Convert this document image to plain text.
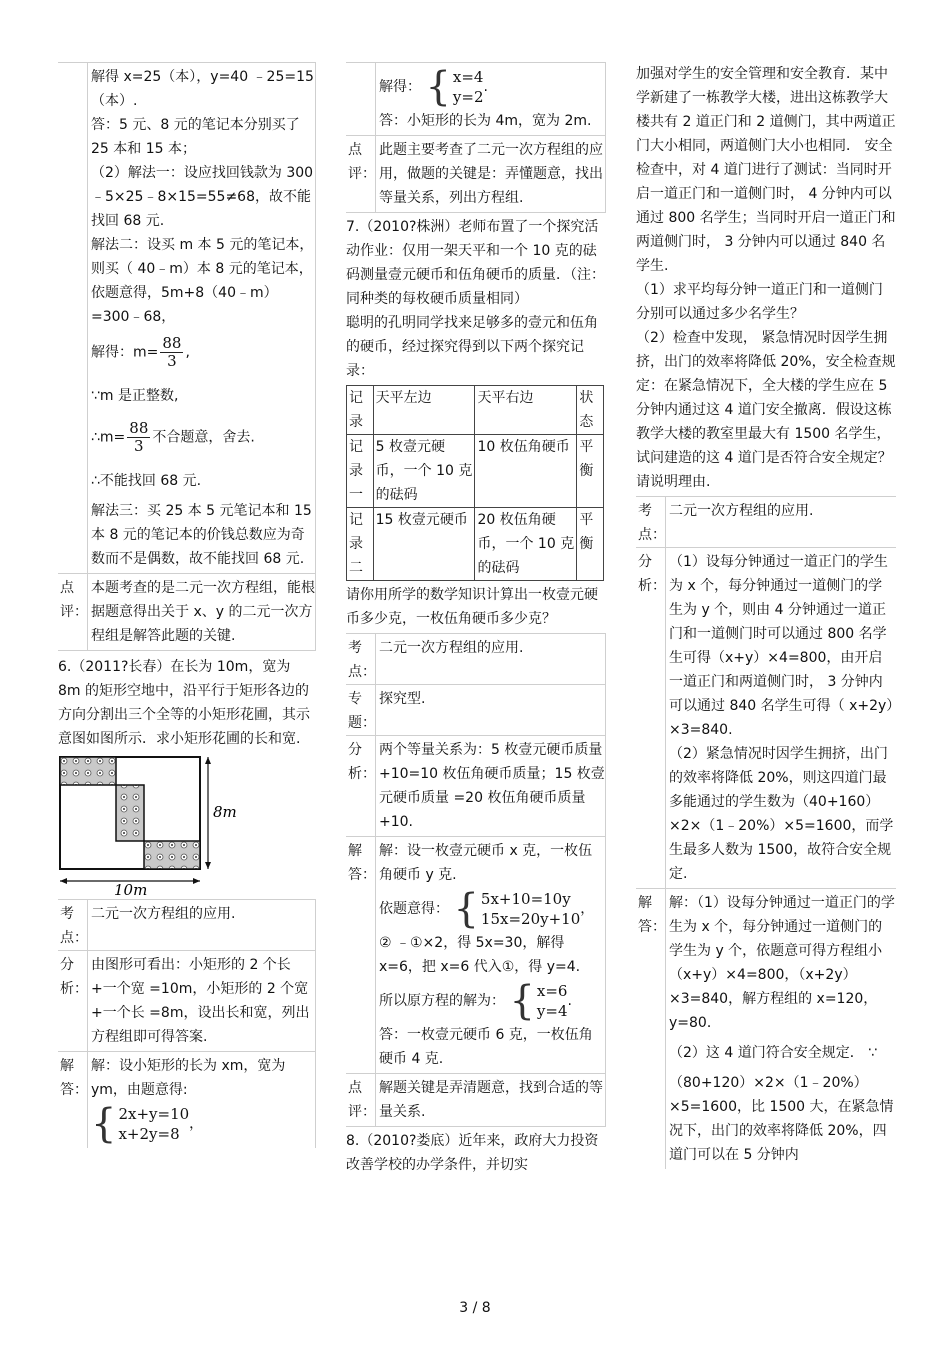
解得 x=25（本），y=40 ﹣25=15（本）.

答：5 元、8 元的笔记本分别买了 25 本和 15 本；

（2）解法一：设应找回钱款为 300﹣5×25﹣8×15=55≠68，故不能找回 68 元.

解法二：设买 m 本 5 元的笔记本，则买（ 40﹣m）本 8 元的笔记本，

依题意得，5m+8（40﹣m）=300﹣68，

解得：$m= \frac{88}{3}$ ,

∵m 是正整数,

∴m= $\frac{88}{3}$ 不合题意，舍去.

∴不能找回 68 元.

解法三：买 25 本 5 元笔记本和 15 本 8 元的笔记本的价钱总数应为奇数而不是偶数，故不能找回 68 元.

点
评：
本题考查的是二元一次方程组，能根据题意得出关于 x、y 的二元一次方程组是解答此题的关键.

6.（2011?长春）在长为 10m，宽为 8m 的矩形空地中，沿平行于矩形各边的方向分割出三个全等的小矩形花圃，其示意图如图所示．求小矩形花圃的长和宽.

8m
10m
考
点：
二元一次方程组的应用.
分
析：
由图形可看出：小矩形的 2 个长+一个宽 =10m，小矩形的 2 个宽+一个长 =8m，设出长和宽，列出方程组即可得答案.
解
答：

解：设小矩形的长为 xm，宽为 ym，由题意得:

{ 2x+y=10
x+2y=8
，

解得： { x=4
y=2
.

答：小矩形的长为 4m，宽为 2m.

点
评：
此题主要考查了二元一次方程组的应用，做题的关键是：弄懂题意，找出等量关系，列出方程组.

7.（2010?株洲）老师布置了一个探究活动作业：仅用一架天平和一个 10 克的砝码测量壹元硬币和伍角硬币的质量．（注：同种类的每枚硬币质量相同）

聪明的孔明同学找来足够多的壹元和伍角的硬币，经过探究得到以下两个探究记录：

记录	天平左边	天平右边	状态
记录一	5 枚壹元硬币，一个 10 克的砝码	10 枚伍角硬币	平衡
记录二	15 枚壹元硬币	20 枚伍角硬币，一个 10 克的砝码	平衡

请你用所学的数学知识计算出一枚壹元硬币多少克，一枚伍角硬币多少克？

考
点：
二元一次方程组的应用.
专
题：
探究型.
分
析：
两个等量关系为：5 枚壹元硬币质量 +10=10 枚伍角硬币质量；15 枚壹元硬币质量 =20 枚伍角硬币质量 +10.
解
答：

解：设一枚壹元硬币 x 克，一枚伍角硬币 y 克.

依题意得： { 5x+10=10y
15x=20y+10
，

② ﹣①×2，得 5x=30，解得 x=6，把 x=6 代入①，得 y=4.

所以原方程的解为： { x=6
y=4
.

答：一枚壹元硬币 6 克，一枚伍角硬币 4 克.

点
评：
解题关键是弄清题意，找到合适的等量关系.

8.（2010?娄底）近年来，政府大力投资改善学校的办学条件，并切实

加强对学生的安全管理和安全教育．某中学新建了一栋教学大楼，进出这栋教学大楼共有 2 道正门和 2 道侧门，其中两道正门大小相同，两道侧门大小也相同． 安全检查中，对 4 道门进行了测试：当同时开启一道正门和一道侧门时， 4 分钟内可以通过 800 名学生；当同时开启一道正门和两道侧门时， 3 分钟内可以通过 840 名学生.

（1）求平均每分钟一道正门和一道侧门分别可以通过多少名学生？

（2）检查中发现， 紧急情况时因学生拥挤，出门的效率将降低 20%，安全检查规定：在紧急情况下，全大楼的学生应在 5 分钟内通过这 4 道门安全撤离．假设这栋教学大楼的教室里最大有 1500 名学生，试问建造的这 4 道门是否符合安全规定？请说明理由.

考
点：
二元一次方程组的应用.
分
析：

（1）设每分钟通过一道正门的学生为 x 个，每分钟通过一道侧门的学生为 y 个，则由 4 分钟通过一道正门和一道侧门时可以通过 800 名学生可得（x+y）×4=800，由开启一道正门和两道侧门时， 3 分钟内可以通过 840 名学生可得（ x+2y）×3=840.

（2）紧急情况时因学生拥挤，出门的效率将降低 20%，则这四道门最多能通过的学生数为（40+160）×2×（1﹣20%）×5=1600，而学生最多人数为 1500，故符合安全规定.

解
答：

解：（1）设每分钟通过一道正门的学生为 x 个，每分钟通过一道侧门的学生为 y 个，依题意可得方程组小（x+y）×4=800，（x+2y）×3=840，解方程组的 x=120，y=80．

（2）这 4 道门符合安全规定． ∵

（80+120）×2×（1﹣20%）×5=1600，比 1500 大，在紧急情况下，出门的效率将降低 20%，四道门可以在 5 分钟内

3 / 8
